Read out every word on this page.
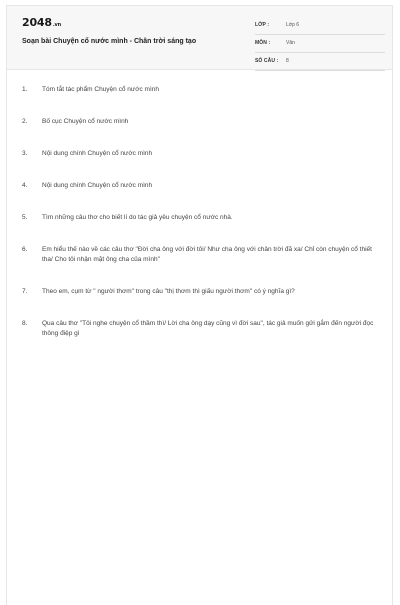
2048.vn
Soạn bài Chuyện cổ nước mình - Chân trời sáng tạo
LỚP :	Lớp 6
MÔN :	Văn
SỐ CÂU : 8
1. Tóm tắt tác phẩm Chuyện cổ nước mình
2. Bố cục Chuyện cổ nước mình
3. Nội dung chính Chuyện cổ nước mình
4. Nội dung chính Chuyện cổ nước mình
5. Tìm những câu thơ cho biết lí do tác giả yêu chuyện cổ nước nhà.
6. Em hiểu thế nào về các câu thơ "Đời cha ông với đời tôi/ Như cha ông với chân trời đã xa/ Chỉ còn chuyện cổ thiết tha/ Cho tôi nhận mặt ông cha của mình"
7. Theo em, cụm từ " người thơm" trong câu "thị thơm thì giấu người thơm" có ý nghĩa gì?
8. Qua câu thơ "Tôi nghe chuyện cổ thầm thì/ Lời cha ông dạy cũng vì đời sau", tác giả muốn gửi gắm đến người đọc thông điệp gì
